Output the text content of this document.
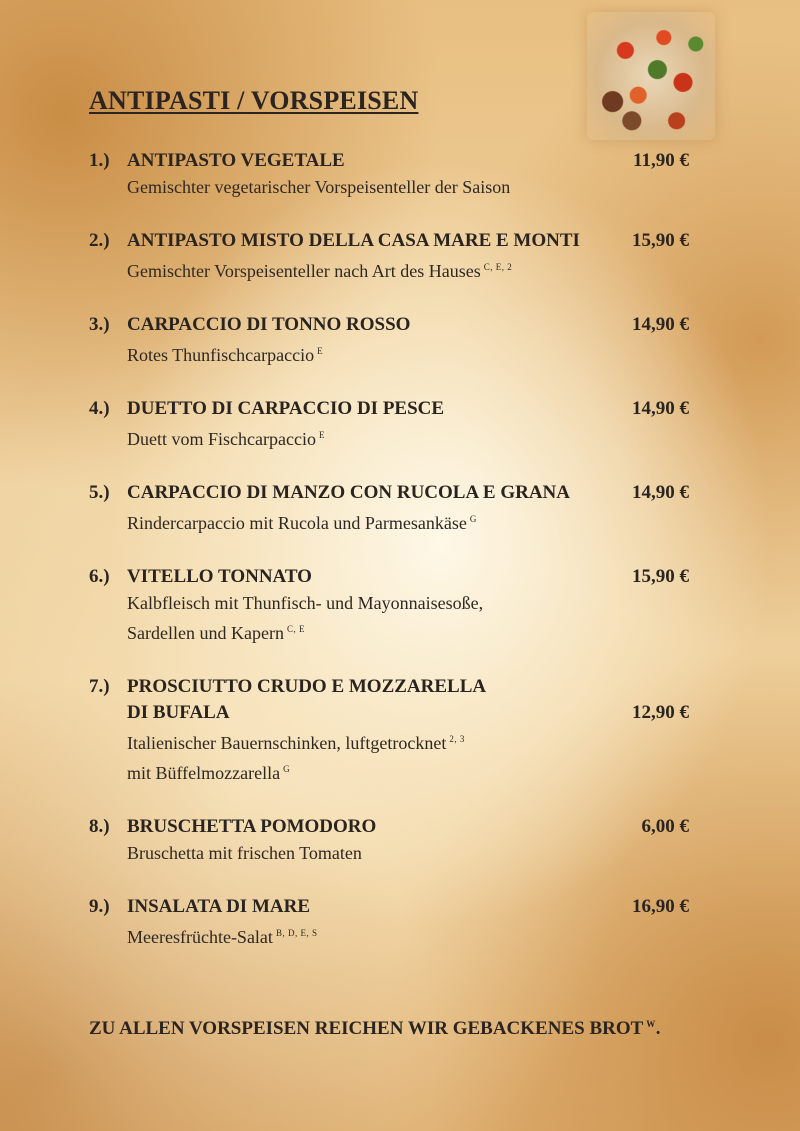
ANTIPASTI / VORSPEISEN
1.) ANTIPASTO VEGETALE	11,90 €
Gemischter vegetarischer Vorspeisenteller der Saison
2.) ANTIPASTO MISTO DELLA CASA MARE E MONTI	15,90 €
Gemischter Vorspeisenteller nach Art des Hauses $^{C, E, 2}$
3.) CARPACCIO DI TONNO ROSSO	14,90 €
Rotes Thunfischcarpaccio $^E$
4.) DUETTO DI CARPACCIO DI PESCE	14,90 €
Duett vom Fischcarpaccio $^E$
5.) CARPACCIO DI MANZO CON RUCOLA E GRANA	14,90 €
Rindercarpaccio mit Rucola und Parmesankäse $^G$
6.) VITELLO TONNATO	15,90 €
Kalbfleisch mit Thunfisch- und Mayonnaisesoße,
Sardellen und Kapern $^{C, E}$
7.) PROSCIUTTO CRUDO E MOZZARELLA
DI BUFALA	12,90 €
Italienischer Bauernschinken, luftgetrocknet $^{2, 3}$
mit Büffelmozzarella $^G$
8.) BRUSCHETTA POMODORO	6,00 €
Bruschetta mit frischen Tomaten
9.) INSALATA DI MARE	16,90 €
Meeresfrüchte-Salat $^{B, D, E, S}$

ZU ALLEN VORSPEISEN REICHEN WIR GEBACKENES BROT $^W$.
